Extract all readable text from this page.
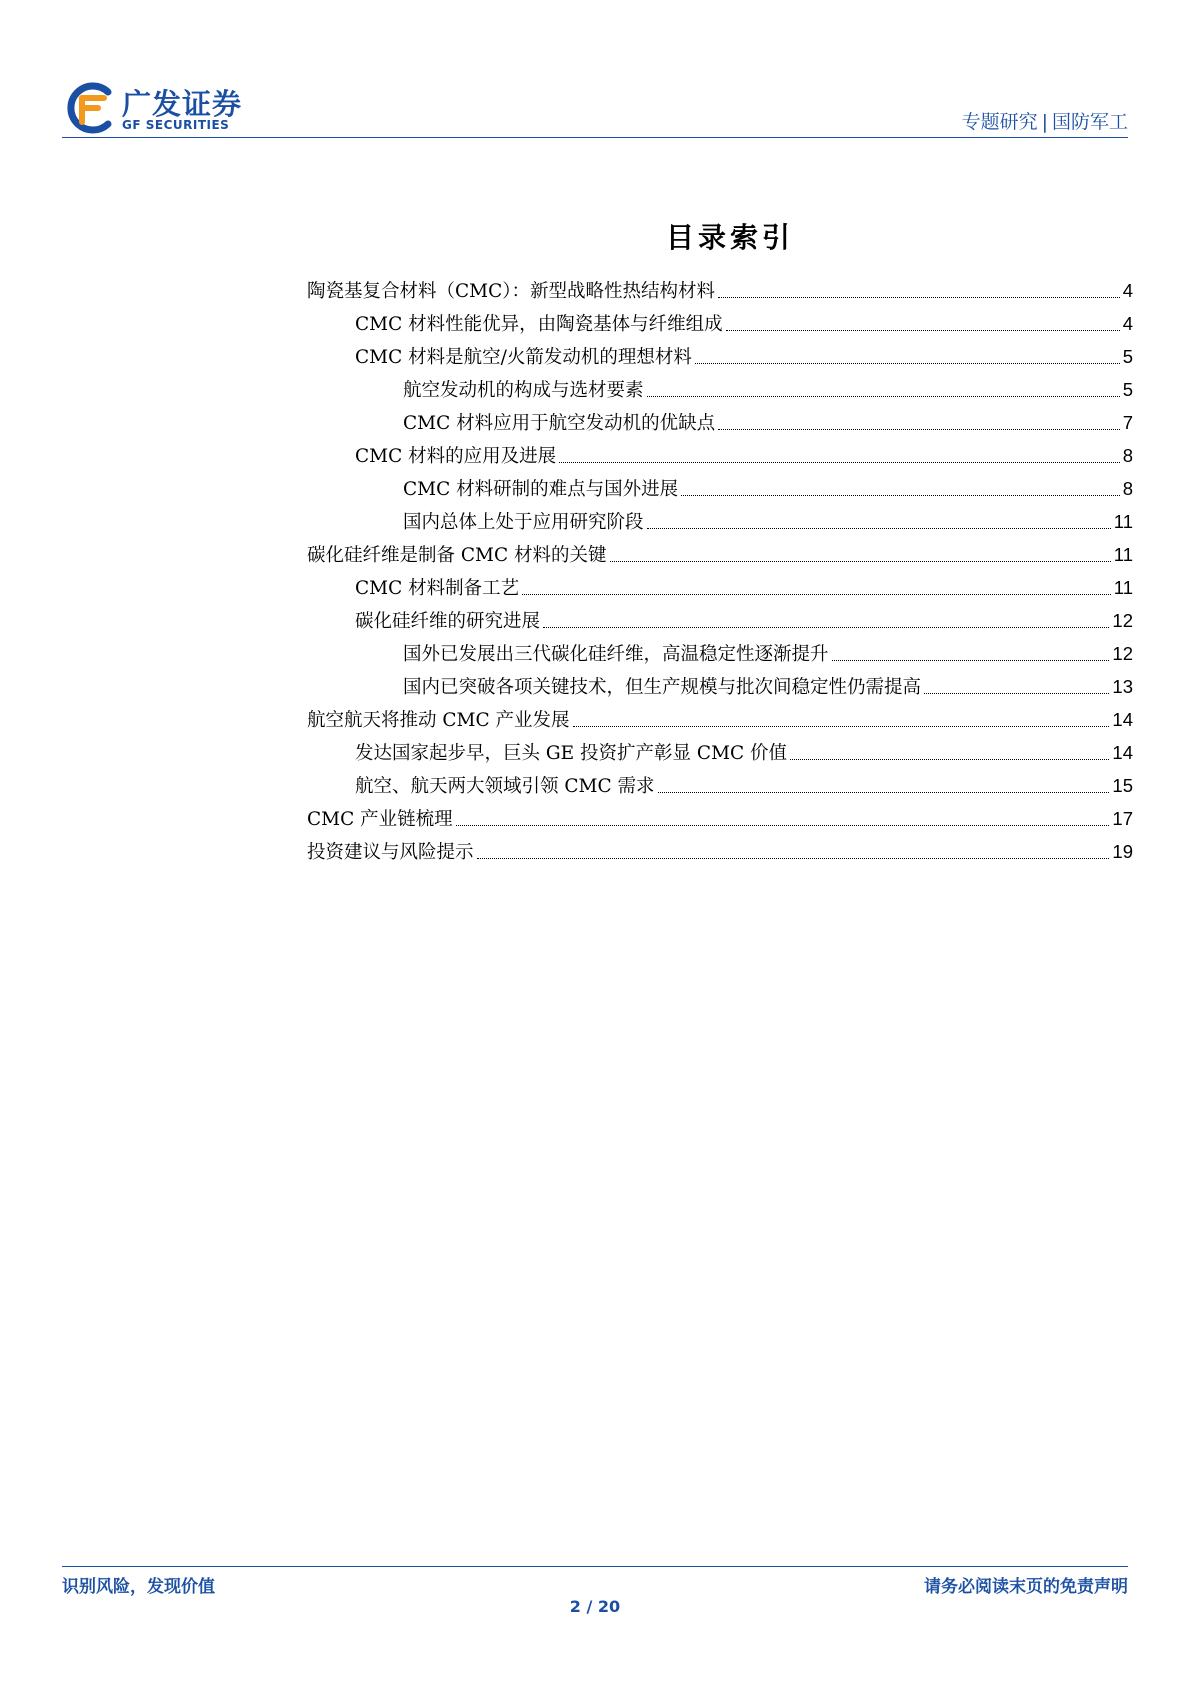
广发证券
GF SECURITIES	专题研究 | 国防军工
目录索引
陶瓷基复合材料（CMC）：新型战略性热结构材料	4
CMC 材料性能优异，由陶瓷基体与纤维组成	4
CMC 材料是航空/火箭发动机的理想材料	5
航空发动机的构成与选材要素	5
CMC 材料应用于航空发动机的优缺点	7
CMC 材料的应用及进展	8
CMC 材料研制的难点与国外进展	8
国内总体上处于应用研究阶段	11
碳化硅纤维是制备 CMC 材料的关键	11
CMC 材料制备工艺	11
碳化硅纤维的研究进展	12
国外已发展出三代碳化硅纤维，高温稳定性逐渐提升	12
国内已突破各项关键技术，但生产规模与批次间稳定性仍需提高	13
航空航天将推动 CMC 产业发展	14
发达国家起步早，巨头 GE 投资扩产彰显 CMC 价值	14
航空、航天两大领域引领 CMC 需求	15
CMC 产业链梳理	17
投资建议与风险提示	19
识别风险，发现价值	请务必阅读末页的免责声明
2 / 20
